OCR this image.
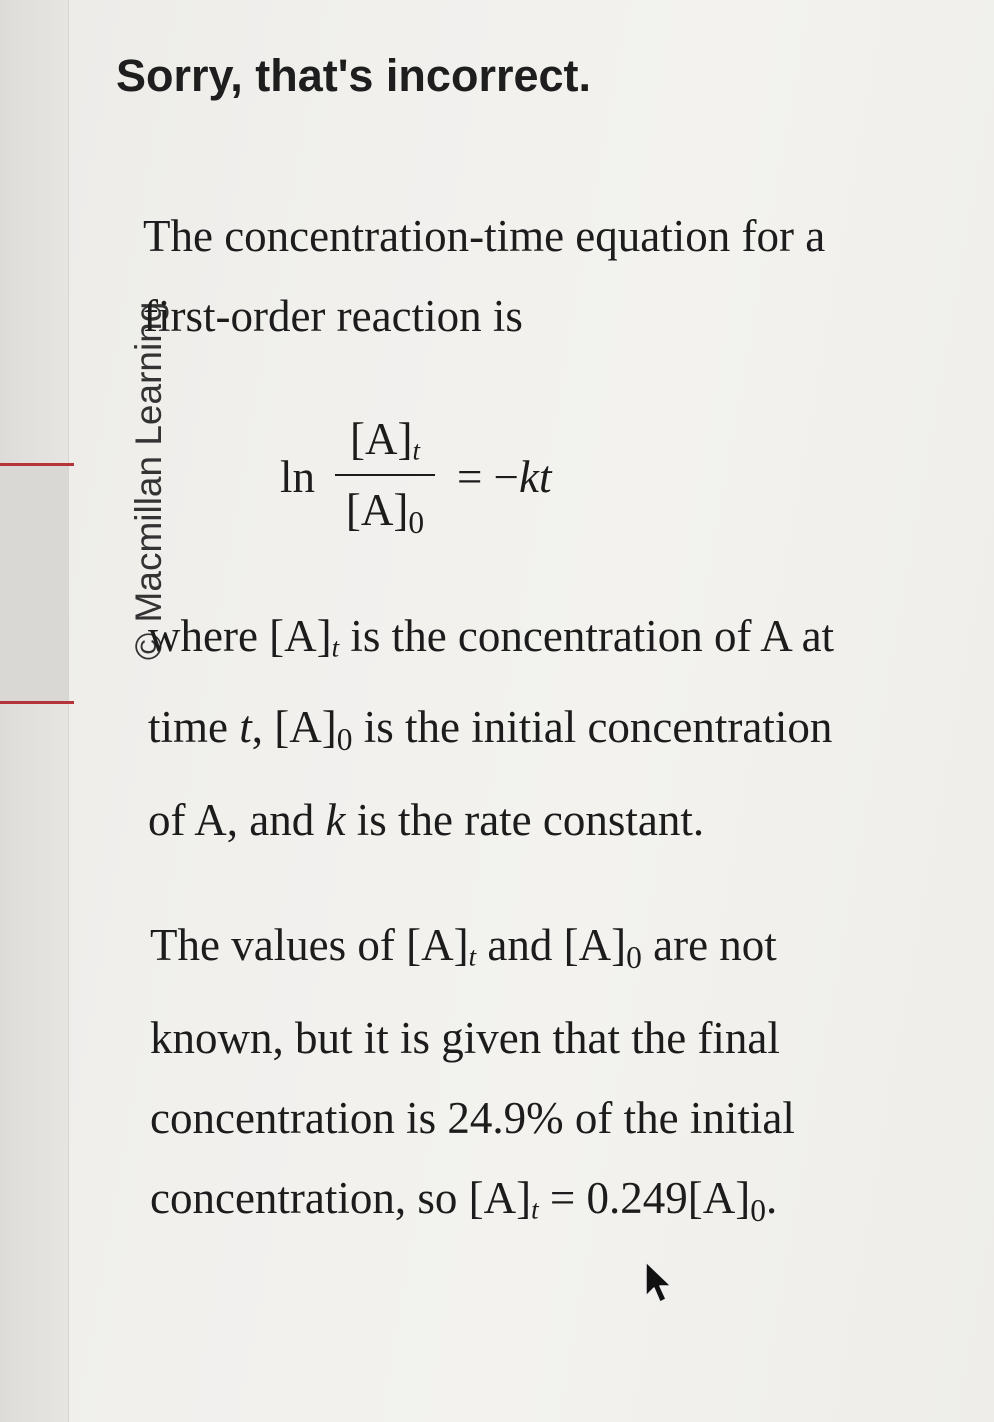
Sorry, that's incorrect.
© Macmillan Learning
The concentration-time equation for a
first-order reaction is
$\ln \frac{[A]_t}{[A]_0} = -kt$
where $[A]_t$ is the concentration of A at
time t, $[A]_0$ is the initial concentration
of A, and k is the rate constant.
The values of $[A]_t$ and $[A]_0$ are not
known, but it is given that the final
concentration is 24.9% of the initial
concentration, so $[A]_t = 0.249[A]_0$.
